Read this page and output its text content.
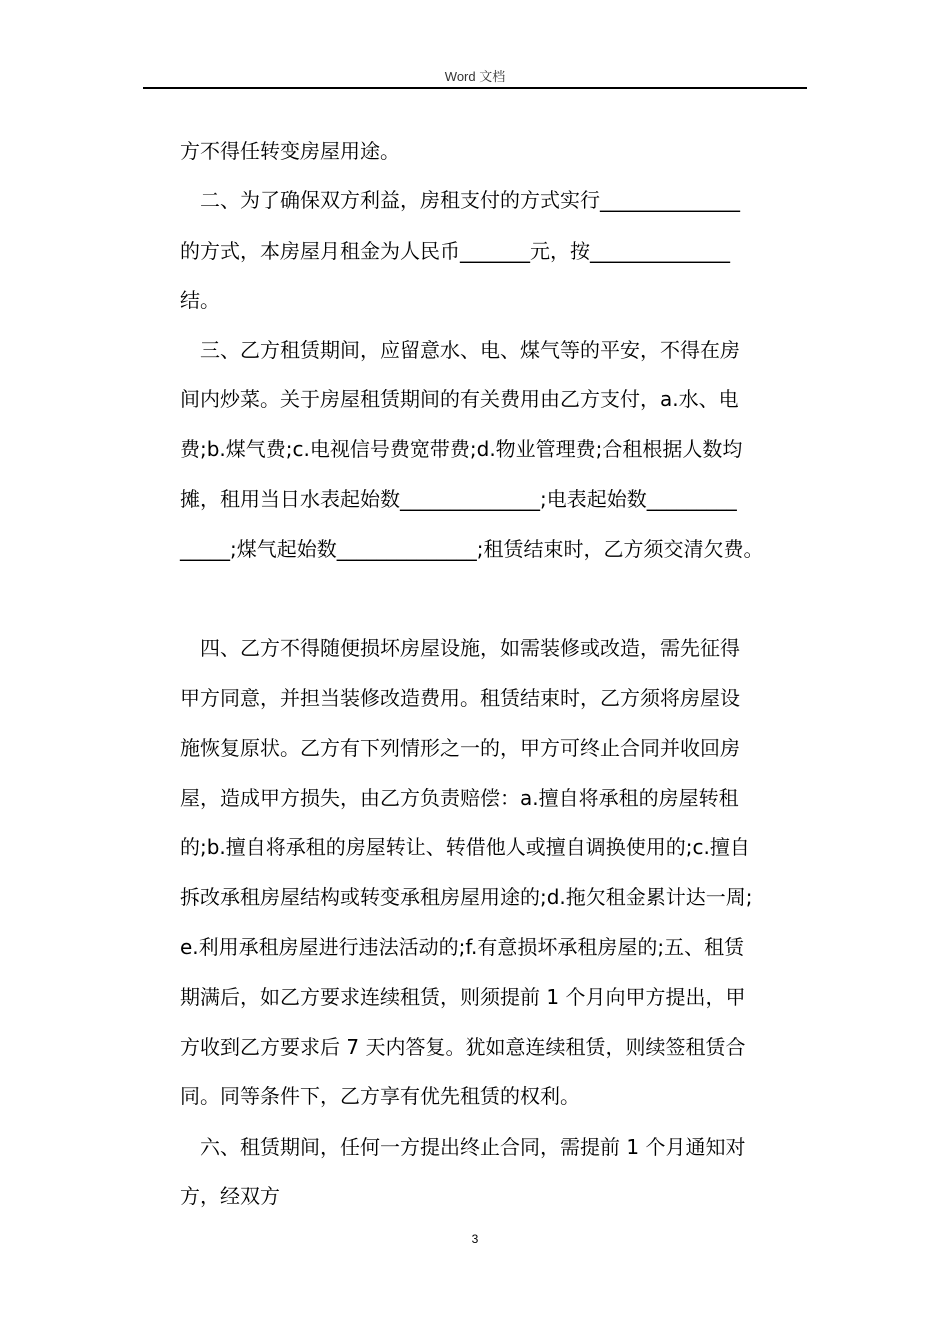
Word 文档
方不得任转变房屋用途。
二、为了确保双方利益，房租支付的方式实行______________
的方式，本房屋月租金为人民币_______元，按______________
结。
三、乙方租赁期间，应留意水、电、煤气等的平安，不得在房
间内炒菜。关于房屋租赁期间的有关费用由乙方支付，a.水、电
费;b.煤气费;c.电视信号费宽带费;d.物业管理费;合租根据人数均
摊，租用当日水表起始数______________;电表起始数_________
_____;煤气起始数______________;租赁结束时，乙方须交清欠费。
四、乙方不得随便损坏房屋设施，如需装修或改造，需先征得
甲方同意，并担当装修改造费用。租赁结束时，乙方须将房屋设
施恢复原状。乙方有下列情形之一的，甲方可终止合同并收回房
屋，造成甲方损失，由乙方负责赔偿：a.擅自将承租的房屋转租
的;b.擅自将承租的房屋转让、转借他人或擅自调换使用的;c.擅自
拆改承租房屋结构或转变承租房屋用途的;d.拖欠租金累计达一周;
e.利用承租房屋进行违法活动的;f.有意损坏承租房屋的;五、租赁
期满后，如乙方要求连续租赁，则须提前 1 个月向甲方提出，甲
方收到乙方要求后 7 天内答复。犹如意连续租赁，则续签租赁合
同。同等条件下，乙方享有优先租赁的权利。
六、租赁期间，任何一方提出终止合同，需提前 1 个月通知对
方，经双方
3
